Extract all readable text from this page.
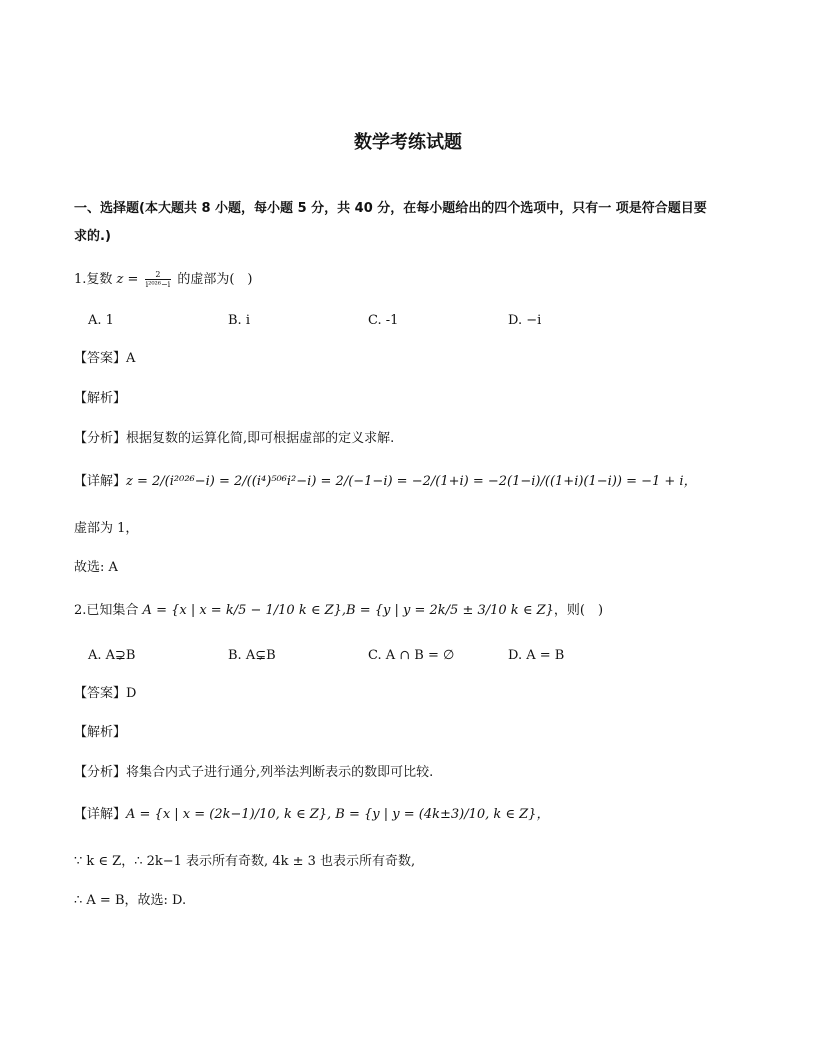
数学考练试题
一、选择题(本大题共 8 小题，每小题 5 分，共 40 分，在每小题给出的四个选项中，只有一 项是符合题目要
求的.)
1.复数 $z = \frac{2}{\text{i²⁰²⁶−i}}$ 的虚部为(　)
A. 1	B. i	C. -1	D. −i
【答案】A
【解析】
【分析】根据复数的运算化简,即可根据虚部的定义求解.
【详解】z = 2/(i²⁰²⁶−i) = 2/((i⁴)⁵⁰⁶i²−i) = 2/(−1−i) = −2/(1+i) = −2(1−i)/((1+i)(1−i)) = −1 + i，
虚部为 1，
故选: A
2.已知集合 A = {x | x = k/5 − 1/10 k ∈ Z},B = {y | y = 2k/5 ± 3/10 k ∈ Z}，则(　)
A. A⊋B	B. A⊊B	C. A ∩ B = ∅	D. A = B
【答案】D
【解析】
【分析】将集合内式子进行通分,列举法判断表示的数即可比较.
【详解】A = {x | x = (2k−1)/10, k ∈ Z}, B = {y | y = (4k±3)/10, k ∈ Z}，
∵ k ∈ Z，∴ 2k−1 表示所有奇数, 4k ± 3 也表示所有奇数,
∴ A = B，故选: D.
